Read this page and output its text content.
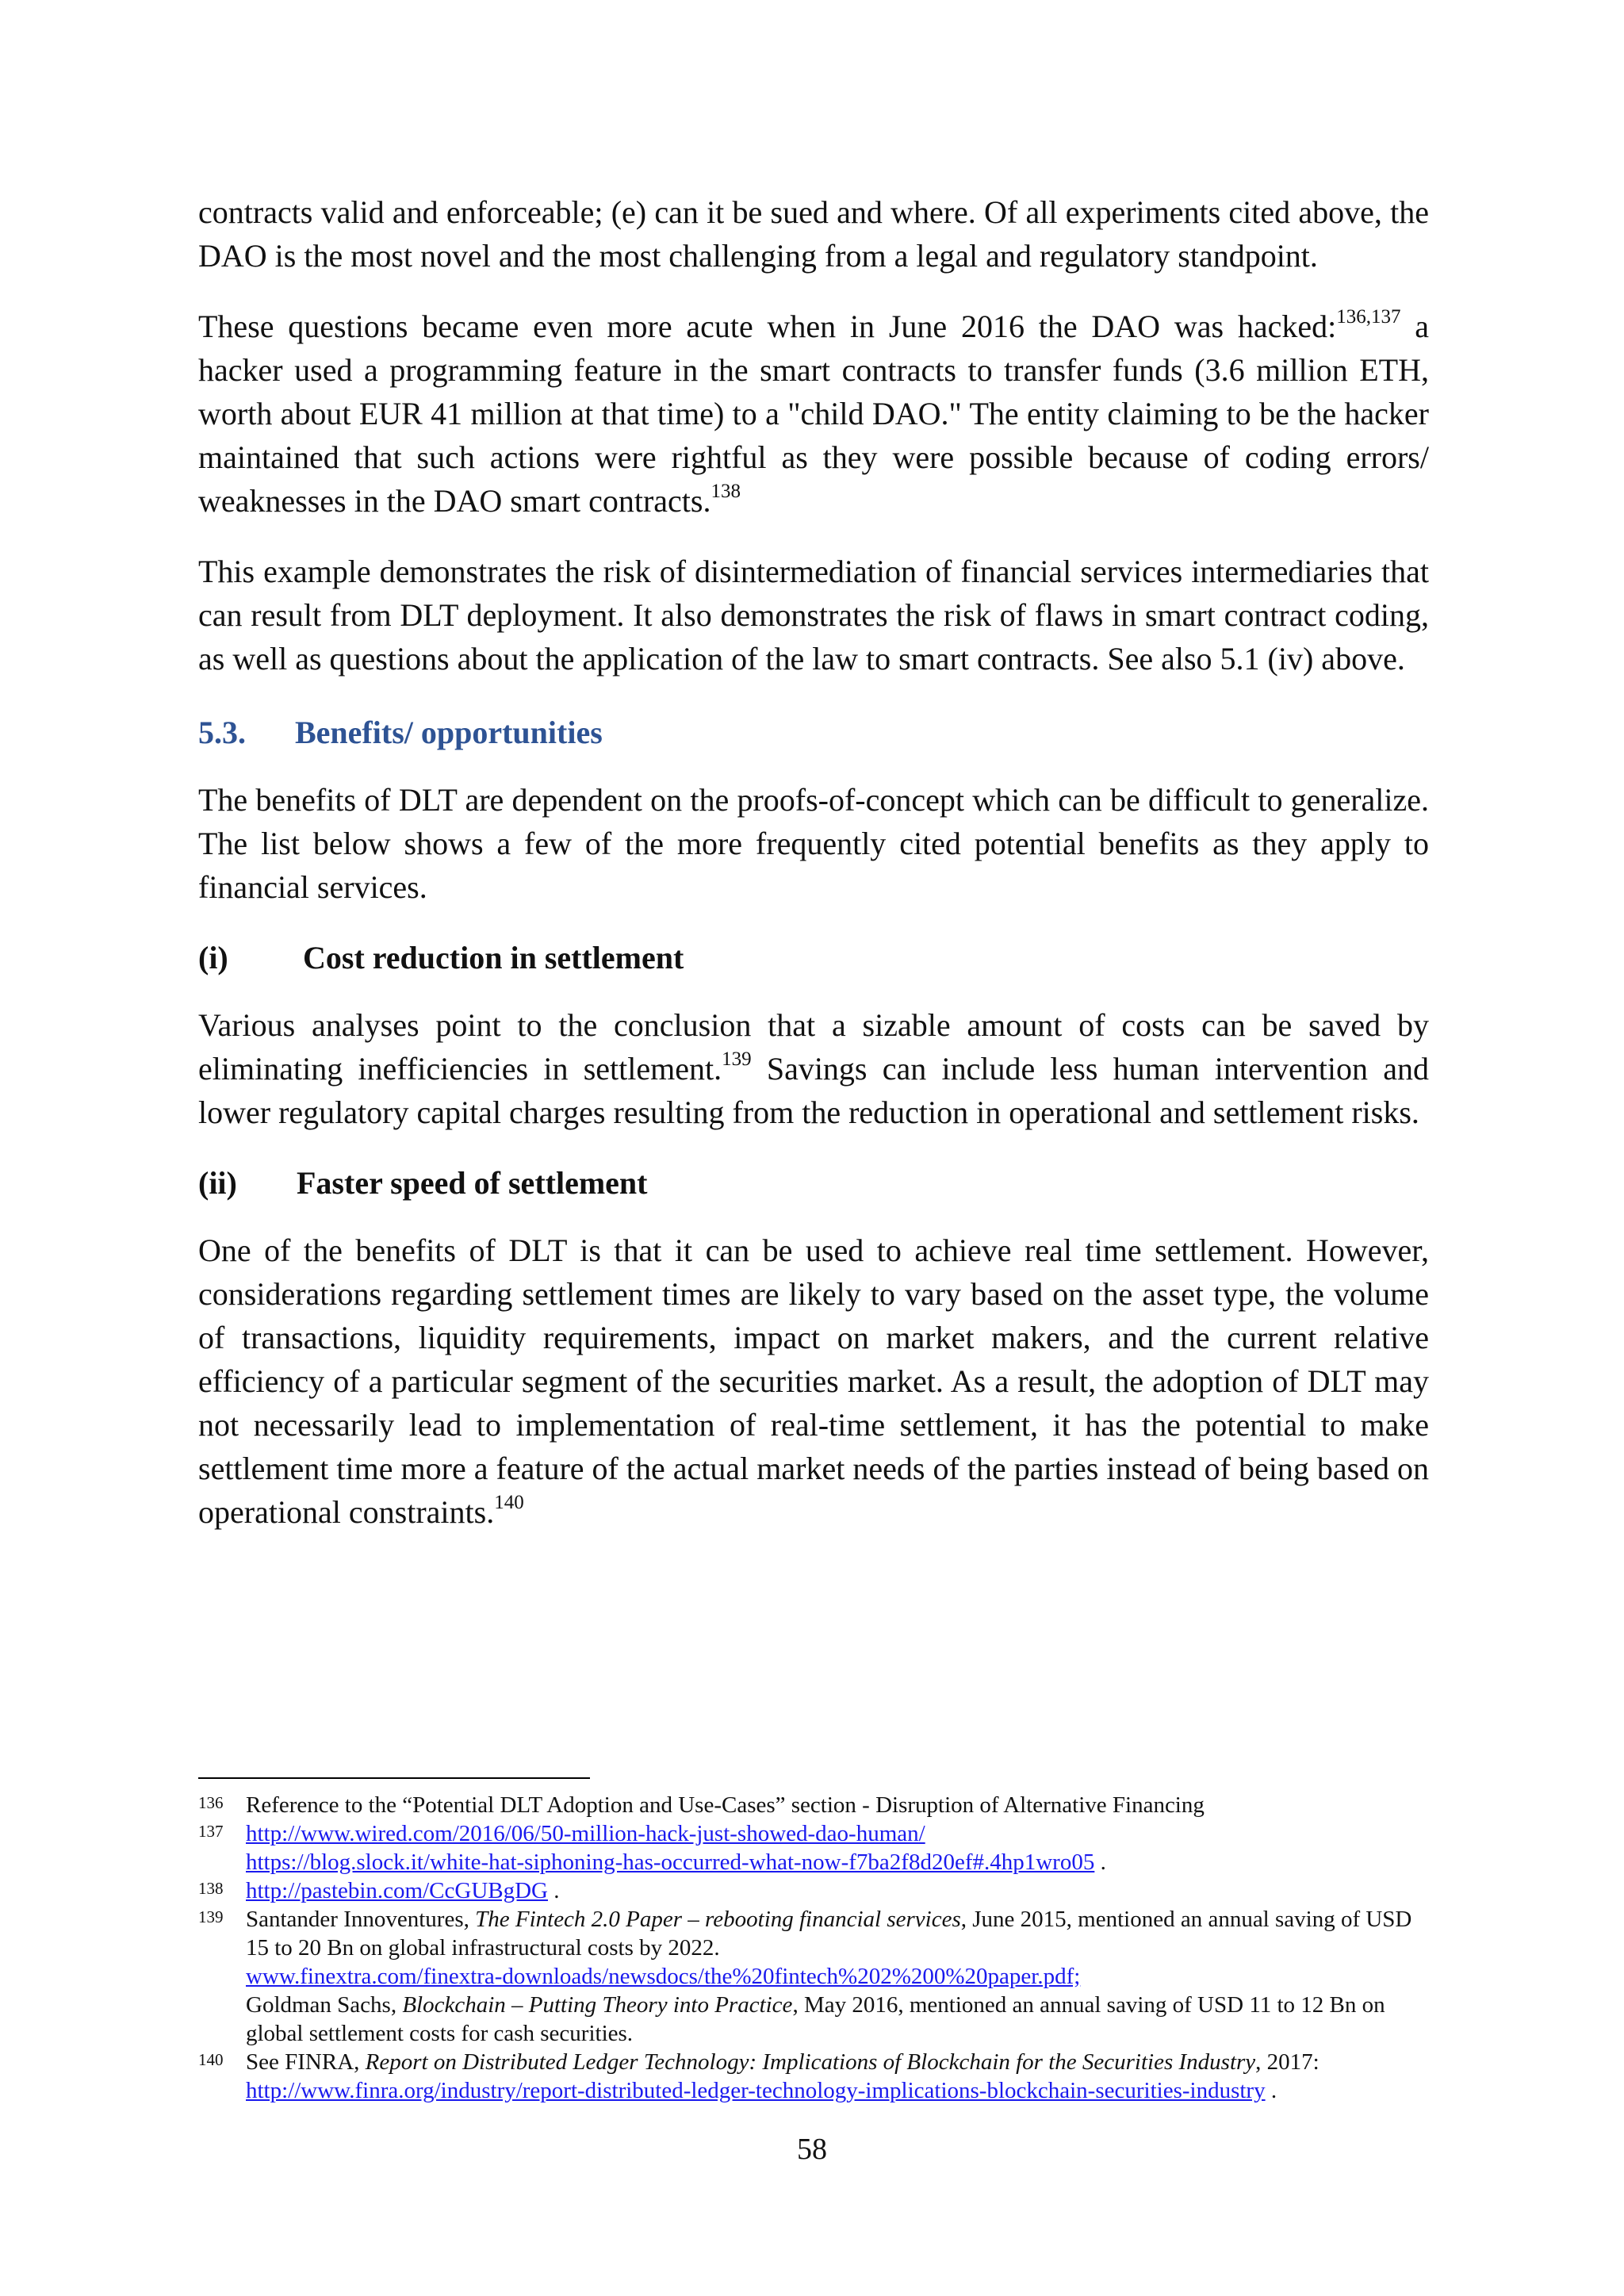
contracts valid and enforceable; (e) can it be sued and where. Of all experiments cited above, the DAO is the most novel and the most challenging from a legal and regulatory standpoint.

These questions became even more acute when in June 2016 the DAO was hacked:$^{136,137}$ a hacker used a programming feature in the smart contracts to transfer funds (3.6 million ETH, worth about EUR 41 million at that time) to a "child DAO." The entity claiming to be the hacker maintained that such actions were rightful as they were possible because of coding errors/ weaknesses in the DAO smart contracts.$^{138}$

This example demonstrates the risk of disintermediation of financial services intermediaries that can result from DLT deployment. It also demonstrates the risk of flaws in smart contract coding, as well as questions about the application of the law to smart contracts. See also 5.1 (iv) above.

5.3.	Benefits/ opportunities

The benefits of DLT are dependent on the proofs-of-concept which can be difficult to generalize. The list below shows a few of the more frequently cited potential benefits as they apply to financial services.

(i)	Cost reduction in settlement

Various analyses point to the conclusion that a sizable amount of costs can be saved by eliminating inefficiencies in settlement.$^{139}$ Savings can include less human intervention and lower regulatory capital charges resulting from the reduction in operational and settlement risks.

(ii)	Faster speed of settlement

One of the benefits of DLT is that it can be used to achieve real time settlement. However, considerations regarding settlement times are likely to vary based on the asset type, the volume of transactions, liquidity requirements, impact on market makers, and the current relative efficiency of a particular segment of the securities market. As a result, the adoption of DLT may not necessarily lead to implementation of real-time settlement, it has the potential to make settlement time more a feature of the actual market needs of the parties instead of being based on operational constraints.$^{140}$

136 Reference to the “Potential DLT Adoption and Use-Cases” section - Disruption of Alternative Financing
137 http://www.wired.com/2016/06/50-million-hack-just-showed-dao-human/
https://blog.slock.it/white-hat-siphoning-has-occurred-what-now-f7ba2f8d20ef#.4hp1wro05 .
138 http://pastebin.com/CcGUBgDG .
139 Santander Innoventures, The Fintech 2.0 Paper – rebooting financial services, June 2015, mentioned an annual saving of USD 15 to 20 Bn on global infrastructural costs by 2022.
www.finextra.com/finextra-downloads/newsdocs/the%20fintech%202%200%20paper.pdf;
Goldman Sachs, Blockchain – Putting Theory into Practice, May 2016, mentioned an annual saving of USD 11 to 12 Bn on global settlement costs for cash securities.
140 See FINRA, Report on Distributed Ledger Technology: Implications of Blockchain for the Securities Industry, 2017:
http://www.finra.org/industry/report-distributed-ledger-technology-implications-blockchain-securities-industry .
58
